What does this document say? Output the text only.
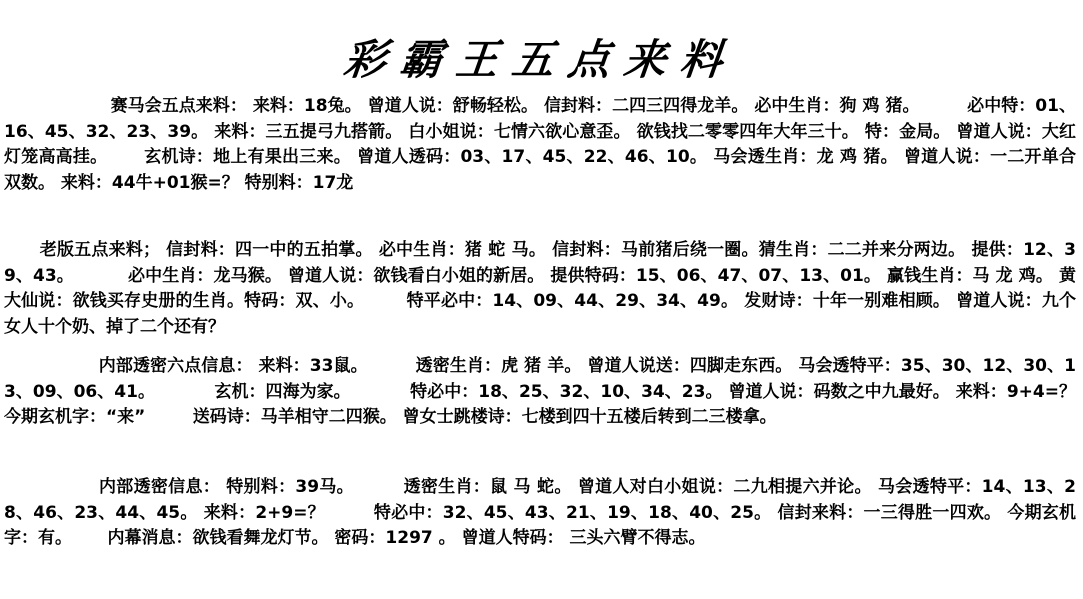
彩霸王五点来料
赛马会五点来料： 来料：18兔。 曾道人说：舒畅轻松。 信封料：二四三四得龙羊。 必中生肖：狗 鸡 猪。        必中特：01、16、45、32、23、39。 来料：三五提弓九搭箭。 白小姐说：七情六欲心意歪。 欲钱找二零零四年大年三十。 特：金局。 曾道人说：大红灯笼高高挂。      玄机诗：地上有果出三来。 曾道人透码：03、17、45、22、46、10。 马会透生肖：龙 鸡 猪。 曾道人说：一二开单合双数。 来料：44牛+01猴=？ 特别料：17龙
老版五点来料； 信封料：四一中的五拍掌。 必中生肖：猪 蛇 马。 信封料：马前猪后绕一圈。猜生肖：二二并来分两边。 提供：12、39、43。         必中生肖：龙马猴。 曾道人说：欲钱看白小姐的新居。 提供特码：15、06、47、07、13、01。 赢钱生肖：马 龙 鸡。 黄大仙说：欲钱买存史册的生肖。特码：双、小。       特平必中：14、09、44、29、34、49。 发财诗：十年一别难相顾。 曾道人说：九个女人十个奶、掉了二个还有？
内部透密六点信息： 来料：33鼠。        透密生肖：虎 猪 羊。 曾道人说送：四脚走东西。 马会透特平：35、30、12、30、13、09、06、41。          玄机：四海为家。          特必中：18、25、32、10、34、23。 曾道人说：码数之中九最好。 来料：9+4=？ 今期玄机字：“来”        送码诗：马羊相守二四猴。 曾女士跳楼诗：七楼到四十五楼后转到二三楼拿。
内部透密信息： 特别料：39马。        透密生肖：鼠 马 蛇。 曾道人对白小姐说：二九相提六并论。 马会透特平：14、13、28、46、23、44、45。 来料：2+9=？        特必中：32、45、43、21、19、18、40、25。 信封来料：一三得胜一四欢。 今期玄机字：有。      内幕消息：欲钱看舞龙灯节。 密码：1297 。 曾道人特码： 三头六臂不得志。
